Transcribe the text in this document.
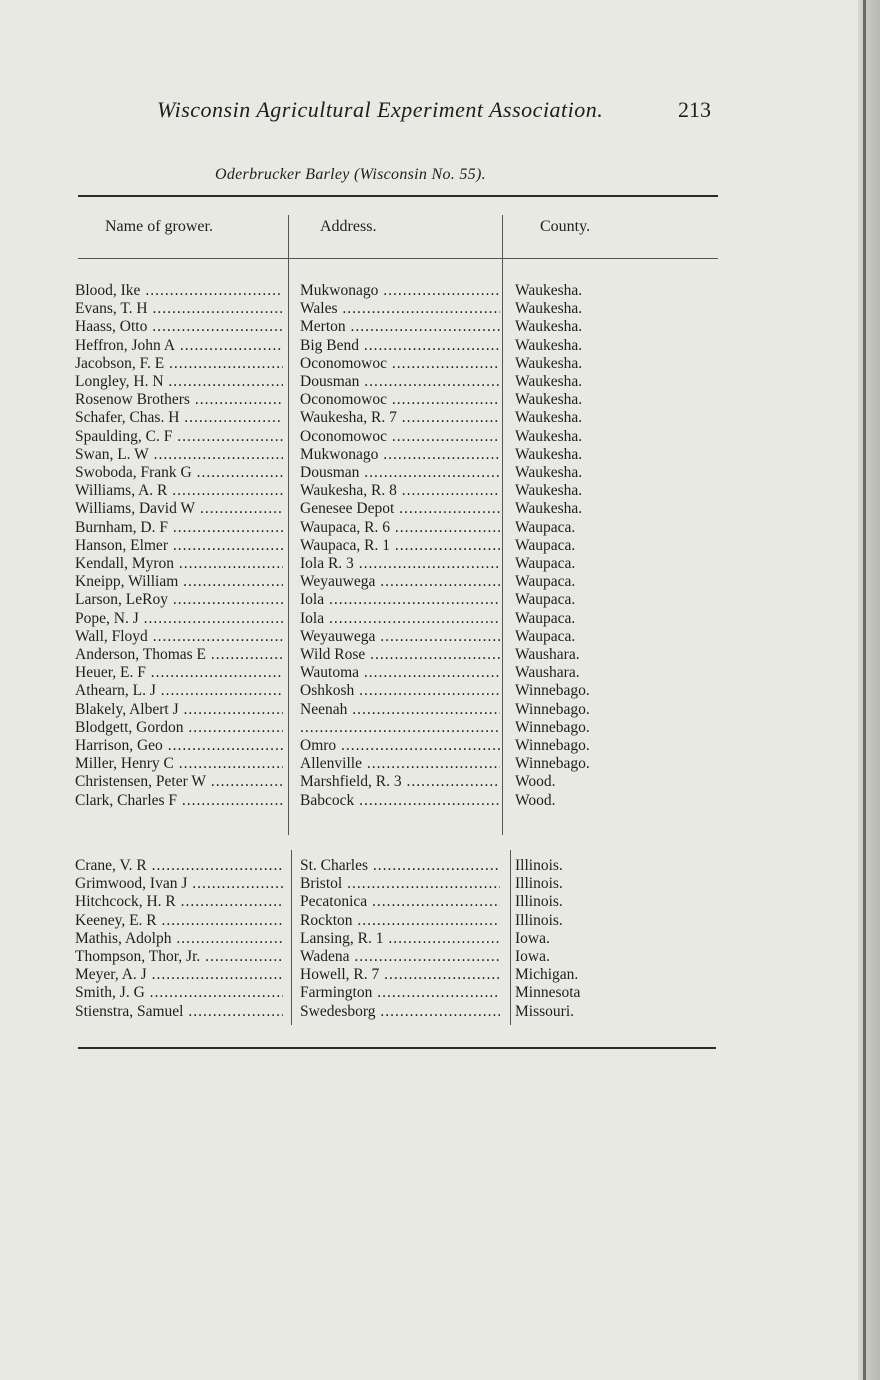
Wisconsin Agricultural Experiment Association.	213
Oderbrucker Barley (Wisconsin No. 55).
Name of grower.	Address.	County.
Blood, Ike .....	Mukwonago .....	Waukesha.
Evans, T. H .....	Wales .....	Waukesha.
Haass, Otto .....	Merton .....	Waukesha.
Heffron, John A .....	Big Bend .....	Waukesha.
Jacobson, F. E .....	Oconomowoc .....	Waukesha.
Longley, H. N .....	Dousman .....	Waukesha.
Rosenow Brothers .....	Oconomowoc .....	Waukesha.
Schafer, Chas. H .....	Waukesha, R. 7 .....	Waukesha.
Spaulding, C. F .....	Oconomowoc .....	Waukesha.
Swan, L. W .....	Mukwonago .....	Waukesha.
Swoboda, Frank G .....	Dousman .....	Waukesha.
Williams, A. R .....	Waukesha, R. 8 .....	Waukesha.
Williams, David W .....	Genesee Depot .....	Waukesha.
Burnham, D. F .....	Waupaca, R. 6 .....	Waupaca.
Hanson, Elmer .....	Waupaca, R. 1 .....	Waupaca.
Kendall, Myron .....	Iola R. 3 .....	Waupaca.
Kneipp, William .....	Weyauwega .....	Waupaca.
Larson, LeRoy .....	Iola .....	Waupaca.
Pope, N. J .....	Iola .....	Waupaca.
Wall, Floyd .....	Weyauwega .....	Waupaca.
Anderson, Thomas E .....	Wild Rose .....	Waushara.
Heuer, E. F .....	Wautoma .....	Waushara.
Athearn, L. J .....	Oshkosh .....	Winnebago.
Blakely, Albert J .....	Neenah .....	Winnebago.
Blodgett, Gordon .....
.....	Winnebago.
Harrison, Geo .....	Omro .....	Winnebago.
Miller, Henry C .....	Allenville .....	Winnebago.
Christensen, Peter W .....	Marshfield, R. 3 .....	Wood.
Clark, Charles F .....	Babcock .....	Wood.
Crane, V. R .....	St. Charles .....	Illinois.
Grimwood, Ivan J .....	Bristol .....	Illinois.
Hitchcock, H. R .....	Pecatonica .....	Illinois.
Keeney, E. R .....	Rockton .....	Illinois.
Mathis, Adolph .....	Lansing, R. 1 .....	Iowa.
Thompson, Thor, Jr. .....	Wadena .....	Iowa.
Meyer, A. J .....	Howell, R. 7 .....	Michigan.
Smith, J. G .....	Farmington .....	Minnesota
Stienstra, Samuel .....	Swedesborg .....	Missouri.
